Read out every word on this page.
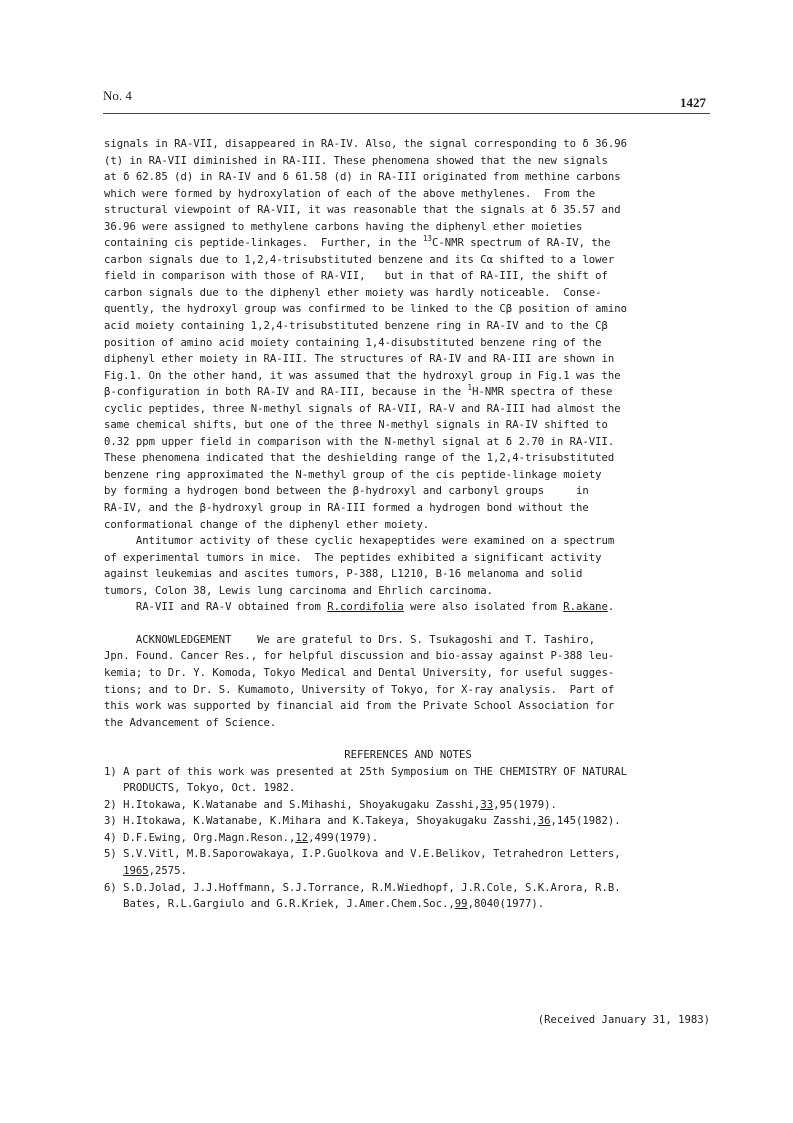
No. 4	1427
signals in RA-VII, disappeared in RA-IV. Also, the signal corresponding to δ 36.96
(t) in RA-VII diminished in RA-III. These phenomena showed that the new signals
at δ 62.85 (d) in RA-IV and δ 61.58 (d) in RA-III originated from methine carbons
which were formed by hydroxylation of each of the above methylenes.  From the
structural viewpoint of RA-VII, it was reasonable that the signals at δ 35.57 and
36.96 were assigned to methylene carbons having the diphenyl ether moieties
containing cis peptide-linkages.  Further, in the $^{13}$C-NMR spectrum of RA-IV, the
carbon signals due to 1,2,4-trisubstituted benzene and its Cα shifted to a lower
field in comparison with those of RA-VII,   but in that of RA-III, the shift of
carbon signals due to the diphenyl ether moiety was hardly noticeable.  Conse-
quently, the hydroxyl group was confirmed to be linked to the Cβ position of amino
acid moiety containing 1,2,4-trisubstituted benzene ring in RA-IV and to the Cβ
position of amino acid moiety containing 1,4-disubstituted benzene ring of the
diphenyl ether moiety in RA-III. The structures of RA-IV and RA-III are shown in
Fig.1. On the other hand, it was assumed that the hydroxyl group in Fig.1 was the
β-configuration in both RA-IV and RA-III, because in the $^1$H-NMR spectra of these
cyclic peptides, three N-methyl signals of RA-VII, RA-V and RA-III had almost the
same chemical shifts, but one of the three N-methyl signals in RA-IV shifted to
0.32 ppm upper field in comparison with the N-methyl signal at δ 2.70 in RA-VII.
These phenomena indicated that the deshielding range of the 1,2,4-trisubstituted
benzene ring approximated the N-methyl group of the cis peptide-linkage moiety
by forming a hydrogen bond between the β-hydroxyl and carbonyl groups     in
RA-IV, and the β-hydroxyl group in RA-III formed a hydrogen bond without the
conformational change of the diphenyl ether moiety.
Antitumor activity of these cyclic hexapeptides were examined on a spectrum
of experimental tumors in mice.  The peptides exhibited a significant activity
against leukemias and ascites tumors, P-388, L1210, B-16 melanoma and solid
tumors, Colon 38, Lewis lung carcinoma and Ehrlich carcinoma.
RA-VII and RA-V obtained from R.cordifolia were also isolated from R.akane.
ACKNOWLEDGEMENT    We are grateful to Drs. S. Tsukagoshi and T. Tashiro,
Jpn. Found. Cancer Res., for helpful discussion and bio-assay against P-388 leu-
kemia; to Dr. Y. Komoda, Tokyo Medical and Dental University, for useful sugges-
tions; and to Dr. S. Kumamoto, University of Tokyo, for X-ray analysis.  Part of
this work was supported by financial aid from the Private School Association for
the Advancement of Science.
REFERENCES AND NOTES
1) A part of this work was presented at 25th Symposium on THE CHEMISTRY OF NATURAL
PRODUCTS, Tokyo, Oct. 1982.
2) H.Itokawa, K.Watanabe and S.Mihashi, Shoyakugaku Zasshi,33,95(1979).
3) H.Itokawa, K.Watanabe, K.Mihara and K.Takeya, Shoyakugaku Zasshi,36,145(1982).
4) D.F.Ewing, Org.Magn.Reson.,12,499(1979).
5) S.V.Vitl, M.B.Saporowakaya, I.P.Guolkova and V.E.Belikov, Tetrahedron Letters,
1965,2575.
6) S.D.Jolad, J.J.Hoffmann, S.J.Torrance, R.M.Wiedhopf, J.R.Cole, S.K.Arora, R.B.
Bates, R.L.Gargiulo and G.R.Kriek, J.Amer.Chem.Soc.,99,8040(1977).
(Received January 31, 1983)
